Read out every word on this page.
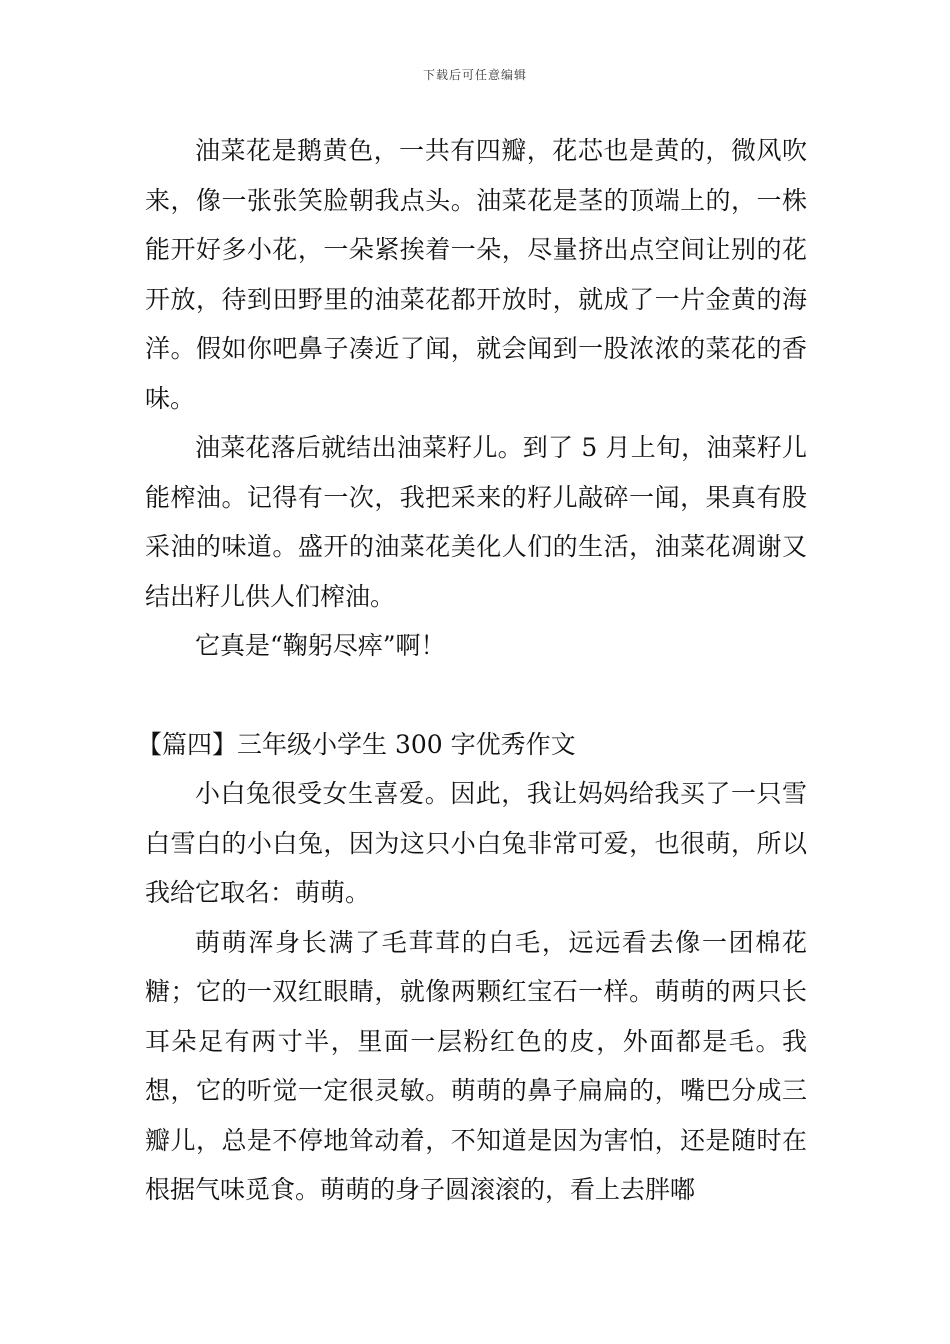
下载后可任意编辑

油菜花是鹅黄色，一共有四瓣，花芯也是黄的，微风吹来，像一张张笑脸朝我点头。油菜花是茎的顶端上的，一株能开好多小花，一朵紧挨着一朵，尽量挤出点空间让别的花开放，待到田野里的油菜花都开放时，就成了一片金黄的海洋。假如你吧鼻子凑近了闻，就会闻到一股浓浓的菜花的香味。

油菜花落后就结出油菜籽儿。到了 5 月上旬，油菜籽儿能榨油。记得有一次，我把采来的籽儿敲碎一闻，果真有股采油的味道。盛开的油菜花美化人们的生活，油菜花凋谢又结出籽儿供人们榨油。

它真是“鞠躬尽瘁”啊！

【篇四】三年级小学生 300 字优秀作文

小白兔很受女生喜爱。因此，我让妈妈给我买了一只雪白雪白的小白兔，因为这只小白兔非常可爱，也很萌，所以我给它取名：萌萌。

萌萌浑身长满了毛茸茸的白毛，远远看去像一团棉花糖；它的一双红眼睛，就像两颗红宝石一样。萌萌的两只长耳朵足有两寸半，里面一层粉红色的皮，外面都是毛。我想，它的听觉一定很灵敏。萌萌的鼻子扁扁的，嘴巴分成三瓣儿，总是不停地耸动着，不知道是因为害怕，还是随时在根据气味觅食。萌萌的身子圆滚滚的，看上去胖嘟
